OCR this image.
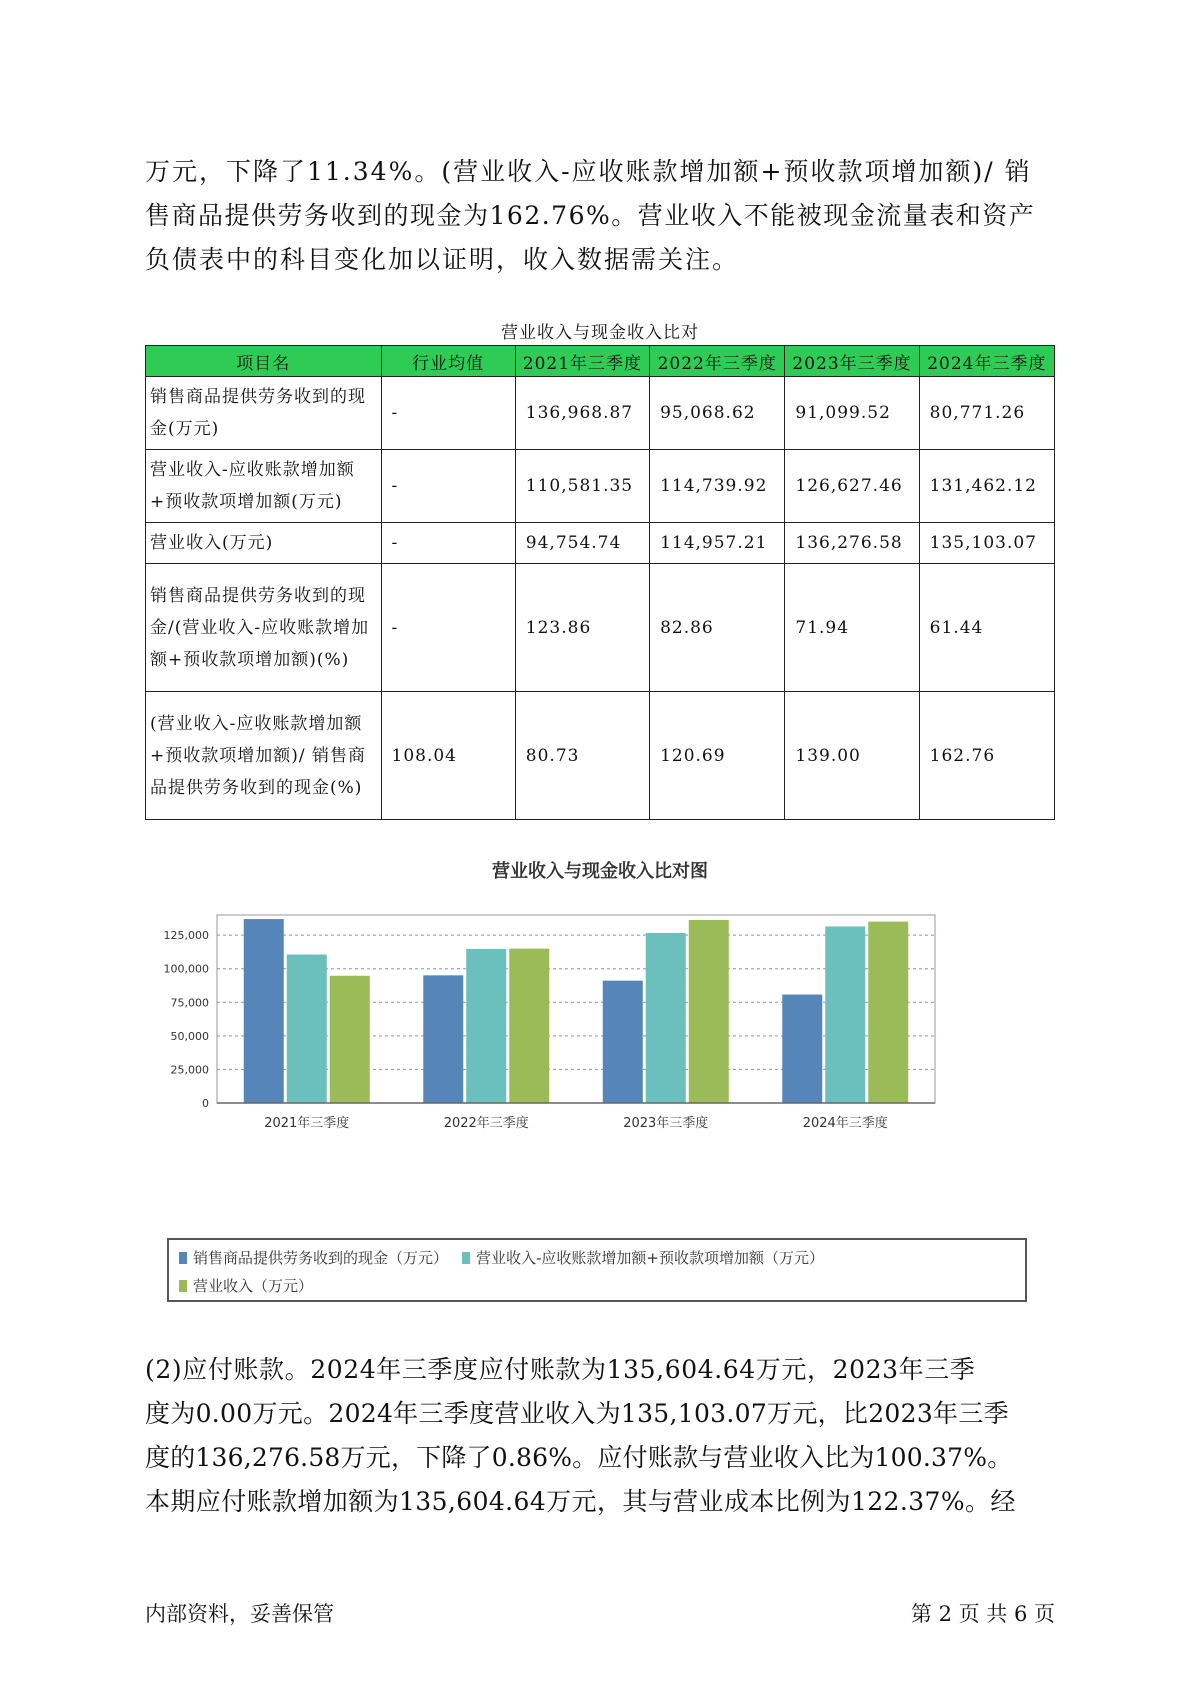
万元，下降了11.34%。(营业收入-应收账款增加额+预收款项增加额)/ 销
售商品提供劳务收到的现金为162.76%。营业收入不能被现金流量表和资产
负债表中的科目变化加以证明，收入数据需关注。
营业收入与现金收入比对
项目名	行业均值	2021年三季度	2022年三季度	2023年三季度	2024年三季度
销售商品提供劳务收到的现金(万元)	-	136,968.87	95,068.62	91,099.52	80,771.26
营业收入-应收账款增加额+预收款项增加额(万元)	-	110,581.35	114,739.92	126,627.46	131,462.12
营业收入(万元)	-	94,754.74	114,957.21	136,276.58	135,103.07
销售商品提供劳务收到的现金/(营业收入-应收账款增加额+预收款项增加额)(%)	-	123.86	82.86	71.94	61.44
(营业收入-应收账款增加额+预收款项增加额)/ 销售商品提供劳务收到的现金(%)	108.04	80.73	120.69	139.00	162.76
营业收入与现金收入比对图
0
25,000
50,000
75,000
100,000
125,000
2021年三季度	2022年三季度	2023年三季度	2024年三季度
销售商品提供劳务收到的现金（万元） 营业收入-应收账款增加额+预收款项增加额（万元）
营业收入（万元）
(2)应付账款。2024年三季度应付账款为135,604.64万元，2023年三季
度为0.00万元。2024年三季度营业收入为135,103.07万元，比2023年三季
度的136,276.58万元，下降了0.86%。应付账款与营业收入比为100.37%。
本期应付账款增加额为135,604.64万元，其与营业成本比例为122.37%。经
内部资料，妥善保管	第 2 页 共 6 页
